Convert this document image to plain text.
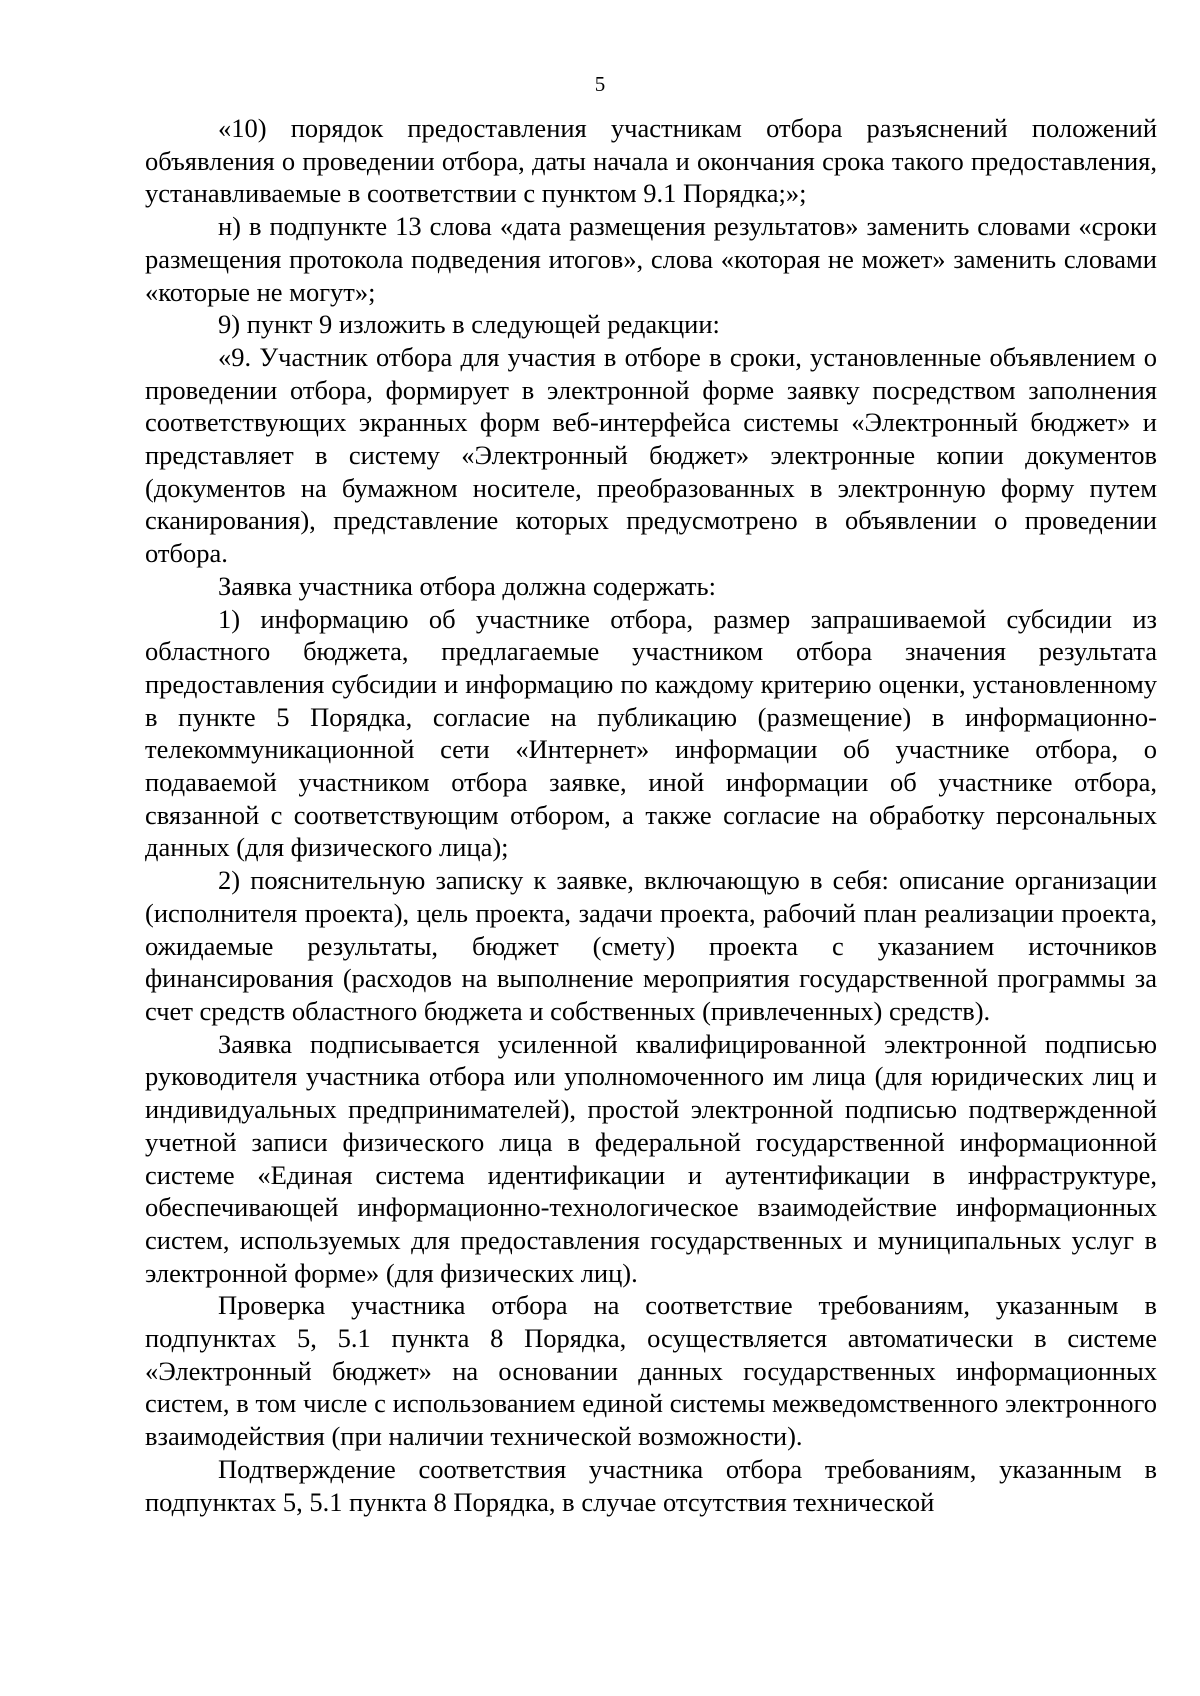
5

«10) порядок предоставления участникам отбора разъяснений положений объявления о проведении отбора, даты начала и окончания срока такого предоставления, устанавливаемые в соответствии с пунктом 9.1 Порядка;»;

н) в подпункте 13 слова «дата размещения результатов» заменить словами «сроки размещения протокола подведения итогов», слова «которая не может» заменить словами «которые не могут»;

9) пункт 9 изложить в следующей редакции:

«9. Участник отбора для участия в отборе в сроки, установленные объявлением о проведении отбора, формирует в электронной форме заявку посредством заполнения соответствующих экранных форм веб-интерфейса системы «Электронный бюджет» и представляет в систему «Электронный бюджет» электронные копии документов (документов на бумажном носителе, преобразованных в электронную форму путем сканирования), представление которых предусмотрено в объявлении о проведении отбора.

Заявка участника отбора должна содержать:

1) информацию об участнике отбора, размер запрашиваемой субсидии из областного бюджета, предлагаемые участником отбора значения результата предоставления субсидии и информацию по каждому критерию оценки, установленному в пункте 5 Порядка, согласие на публикацию (размещение) в информационно-телекоммуникационной сети «Интернет» информации об участнике отбора, о подаваемой участником отбора заявке, иной информации об участнике отбора, связанной с соответствующим отбором, а также согласие на обработку персональных данных (для физического лица);

2) пояснительную записку к заявке, включающую в себя: описание организации (исполнителя проекта), цель проекта, задачи проекта, рабочий план реализации проекта, ожидаемые результаты, бюджет (смету) проекта с указанием источников финансирования (расходов на выполнение мероприятия государственной программы за счет средств областного бюджета и собственных (привлеченных) средств).

Заявка подписывается усиленной квалифицированной электронной подписью руководителя участника отбора или уполномоченного им лица (для юридических лиц и индивидуальных предпринимателей), простой электронной подписью подтвержденной учетной записи физического лица в федеральной государственной информационной системе «Единая система идентификации и аутентификации в инфраструктуре, обеспечивающей информационно-технологическое взаимодействие информационных систем, используемых для предоставления государственных и муниципальных услуг в электронной форме» (для физических лиц).

Проверка участника отбора на соответствие требованиям, указанным в подпунктах 5, 5.1 пункта 8 Порядка, осуществляется автоматически в системе «Электронный бюджет» на основании данных государственных информационных систем, в том числе с использованием единой системы межведомственного электронного взаимодействия (при наличии технической возможности).

Подтверждение соответствия участника отбора требованиям, указанным в подпунктах 5, 5.1 пункта 8 Порядка, в случае отсутствия технической
